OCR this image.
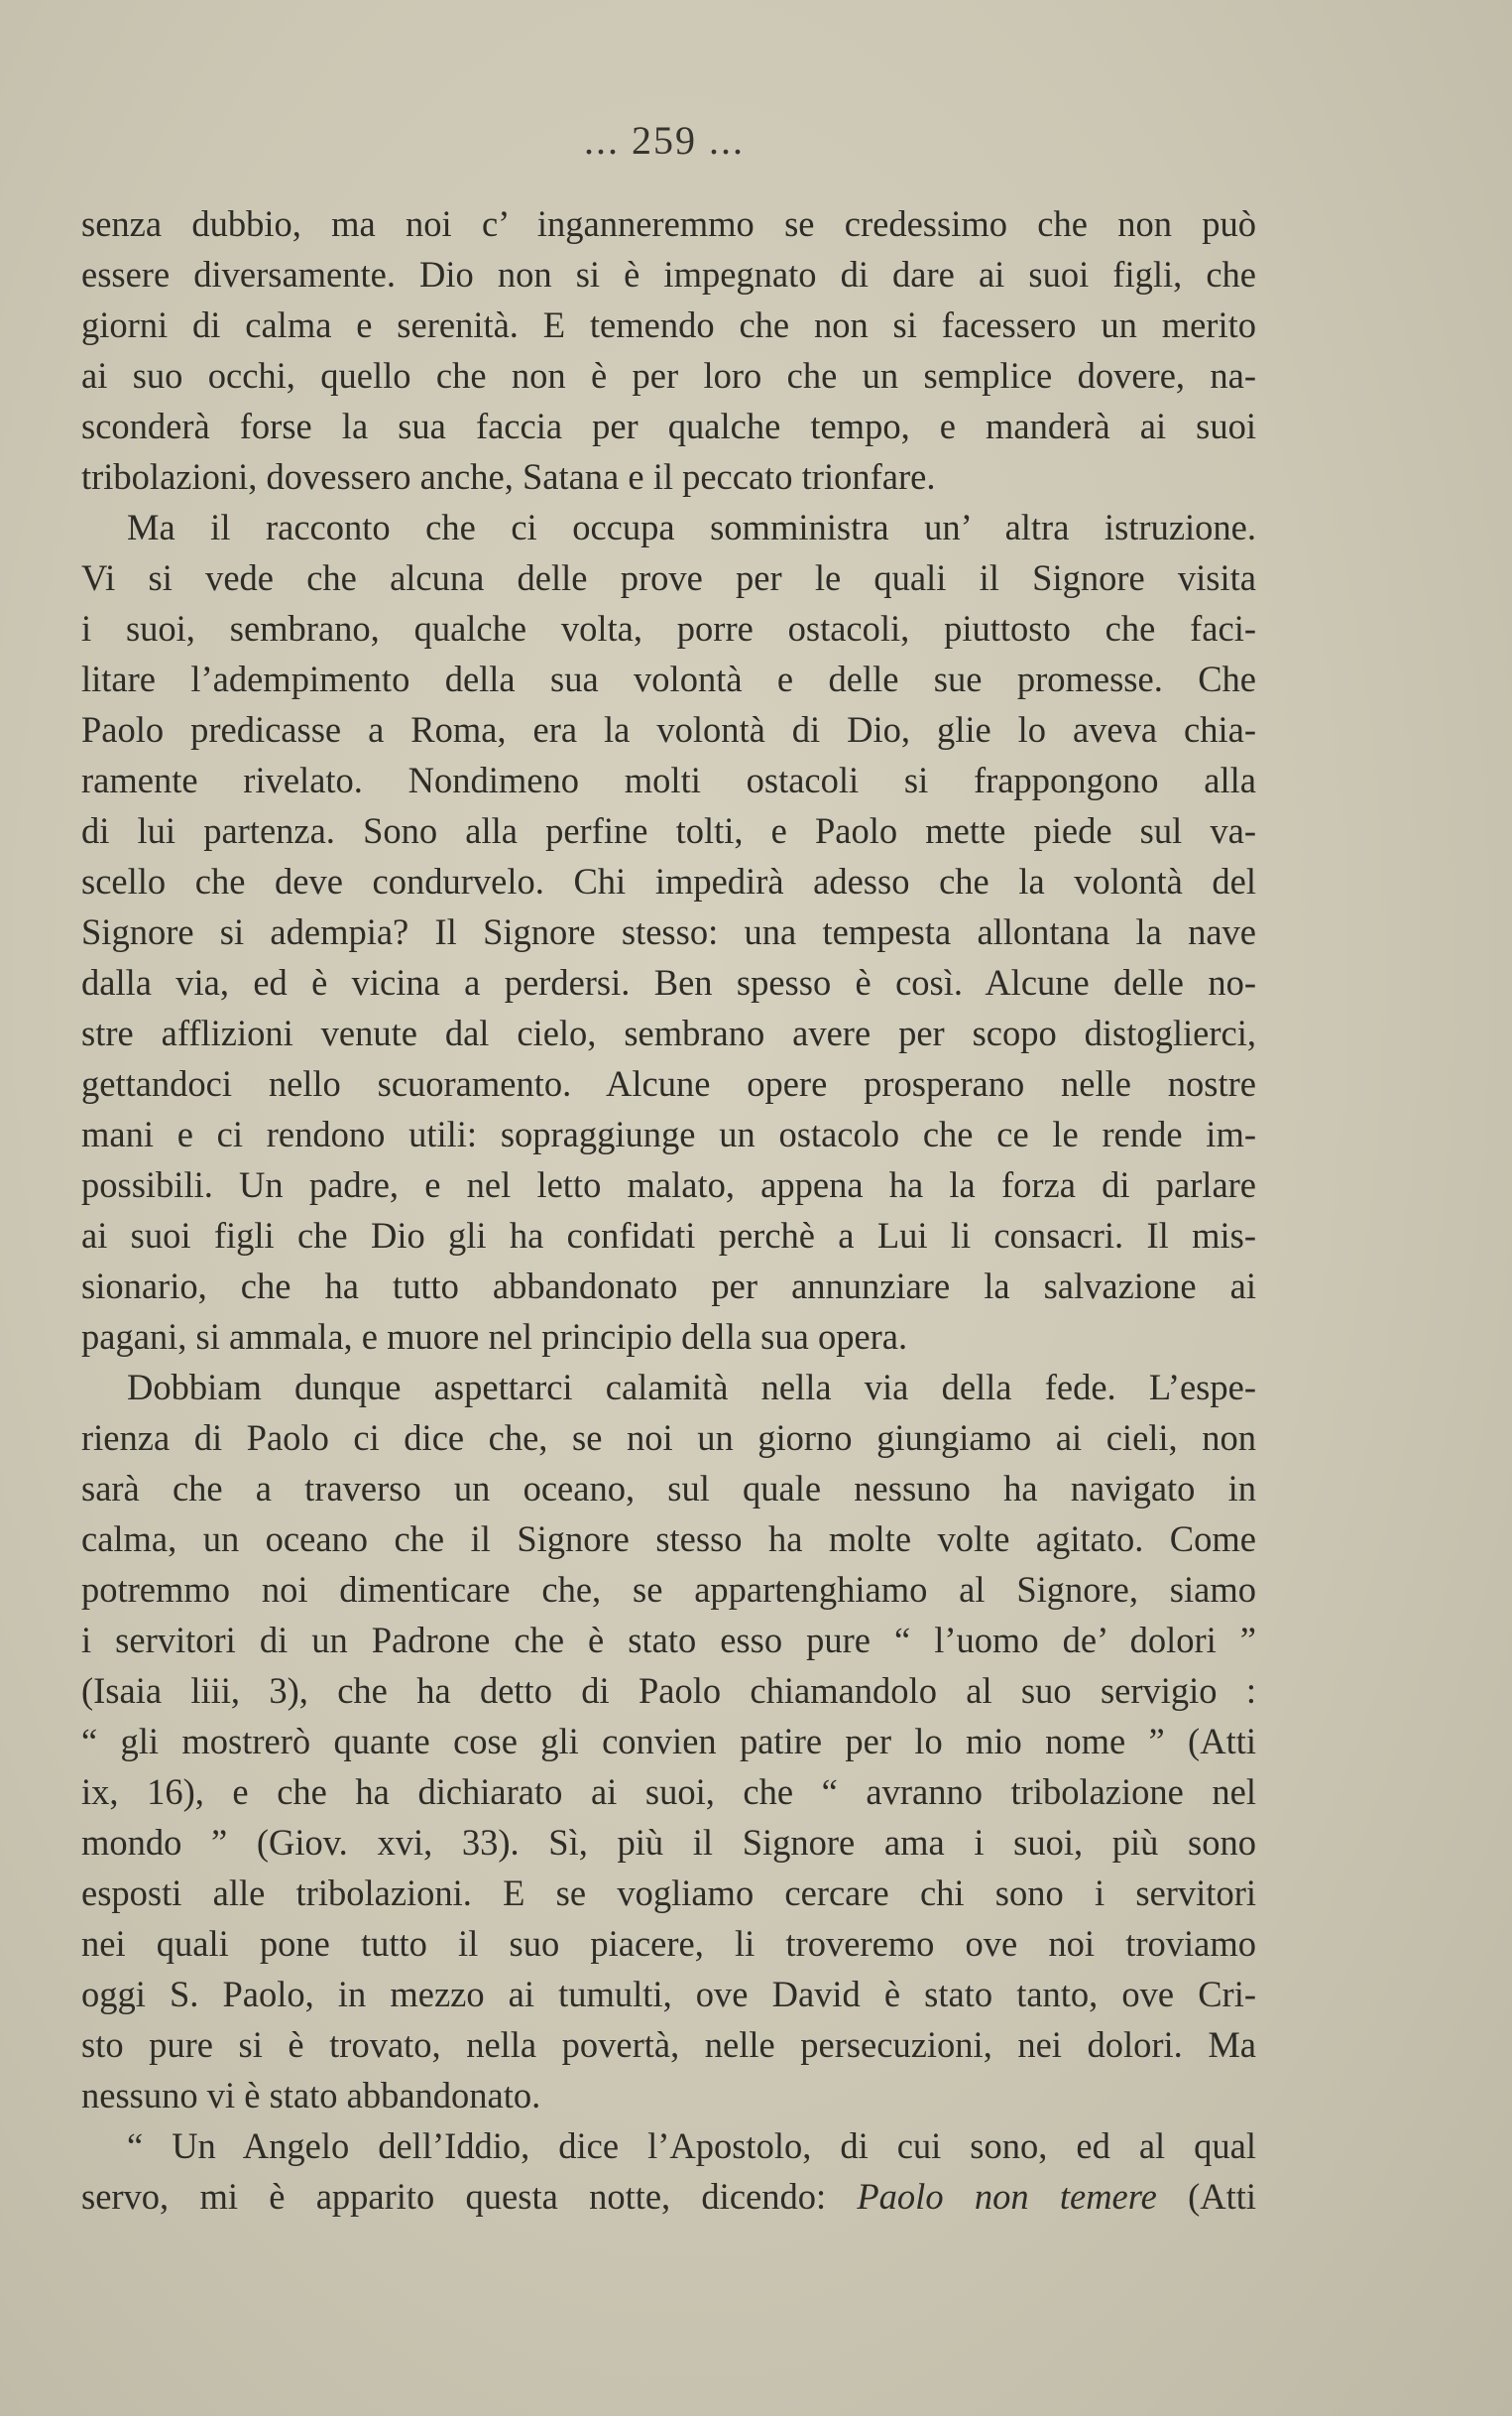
... 259 ...
senza dubbio, ma noi c’ inganneremmo se credessimo che non può
essere diversamente. Dio non si è impegnato di dare ai suoi figli, che
giorni di calma e serenità. E temendo che non si facessero un merito
ai suo occhi, quello che non è per loro che un semplice dovere, na-
sconderà forse la sua faccia per qualche tempo, e manderà ai suoi
tribolazioni, dovessero anche, Satana e il peccato trionfare.
Ma il racconto che ci occupa somministra un’ altra istruzione.
Vi si vede che alcuna delle prove per le quali il Signore visita
i suoi, sembrano, qualche volta, porre ostacoli, piuttosto che faci-
litare l’adempimento della sua volontà e delle sue promesse. Che
Paolo predicasse a Roma, era la volontà di Dio, glie lo aveva chia-
ramente rivelato. Nondimeno molti ostacoli si frappongono alla
di lui partenza. Sono alla perfine tolti, e Paolo mette piede sul va-
scello che deve condurvelo. Chi impedirà adesso che la volontà del
Signore si adempia? Il Signore stesso: una tempesta allontana la nave
dalla via, ed è vicina a perdersi. Ben spesso è così. Alcune delle no-
stre afflizioni venute dal cielo, sembrano avere per scopo distoglierci,
gettandoci nello scuoramento. Alcune opere prosperano nelle nostre
mani e ci rendono utili: sopraggiunge un ostacolo che ce le rende im-
possibili. Un padre, e nel letto malato, appena ha la forza di parlare
ai suoi figli che Dio gli ha confidati perchè a Lui li consacri. Il mis-
sionario, che ha tutto abbandonato per annunziare la salvazione ai
pagani, si ammala, e muore nel principio della sua opera.
Dobbiam dunque aspettarci calamità nella via della fede. L’espe-
rienza di Paolo ci dice che, se noi un giorno giungiamo ai cieli, non
sarà che a traverso un oceano, sul quale nessuno ha navigato in
calma, un oceano che il Signore stesso ha molte volte agitato. Come
potremmo noi dimenticare che, se appartenghiamo al Signore, siamo
i servitori di un Padrone che è stato esso pure “ l’uomo de’ dolori ”
(Isaia liii, 3), che ha detto di Paolo chiamandolo al suo servigio :
“ gli mostrerò quante cose gli convien patire per lo mio nome ” (Atti
ix, 16), e che ha dichiarato ai suoi, che “ avranno tribolazione nel
mondo ” (Giov. xvi, 33). Sì, più il Signore ama i suoi, più sono
esposti alle tribolazioni. E se vogliamo cercare chi sono i servitori
nei quali pone tutto il suo piacere, li troveremo ove noi troviamo
oggi S. Paolo, in mezzo ai tumulti, ove David è stato tanto, ove Cri-
sto pure si è trovato, nella povertà, nelle persecuzioni, nei dolori. Ma
nessuno vi è stato abbandonato.
“ Un Angelo dell’Iddio, dice l’Apostolo, di cui sono, ed al qual
servo, mi è apparito questa notte, dicendo: Paolo non temere (Atti
